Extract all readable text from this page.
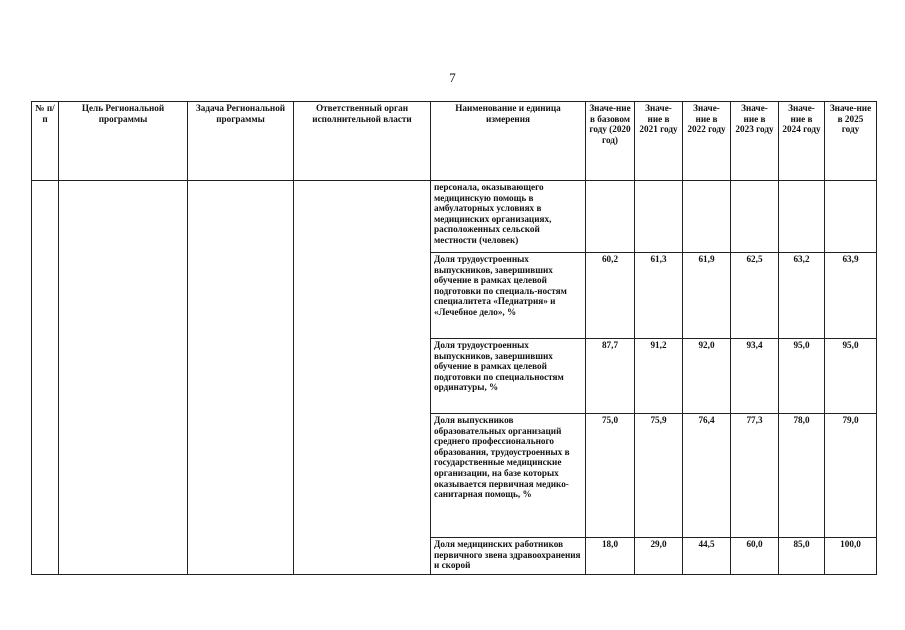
7
№ п/п	Цель Региональной программы	Задача Региональной программы	Ответственный орган исполнительной власти	Наименование и единица измерения	Значе-ние в базовом году (2020 год)	Значе-ние в 2021 году	Значе-ние в 2022 году	Значе-ние в 2023 году	Значе-ние в 2024 году	Значе-ние в 2025 году
				персонала, оказывающего медицинскую помощь в амбулаторных условиях в медицинских организациях, расположенных сельской местности (человек)						
				Доля трудоустроенных выпускников, завершивших обучение в рамках целевой подготовки по специаль-ностям специалитета «Педиатрия» и «Лечебное дело», %	60,2	61,3	61,9	62,5	63,2	63,9
				Доля трудоустроенных выпускников, завершивших обучение в рамках целевой подготовки по специальностям ординатуры, %	87,7	91,2	92,0	93,4	95,0	95,0
				Доля выпускников образовательных организаций среднего профессионального образования, трудоустроенных в государственные медицинские организации, на базе которых оказывается первичная медико-санитарная помощь, %	75,0	75,9	76,4	77,3	78,0	79,0
				Доля медицинских работников первичного звена здравоохранения и скорой	18,0	29,0	44,5	60,0	85,0	100,0
